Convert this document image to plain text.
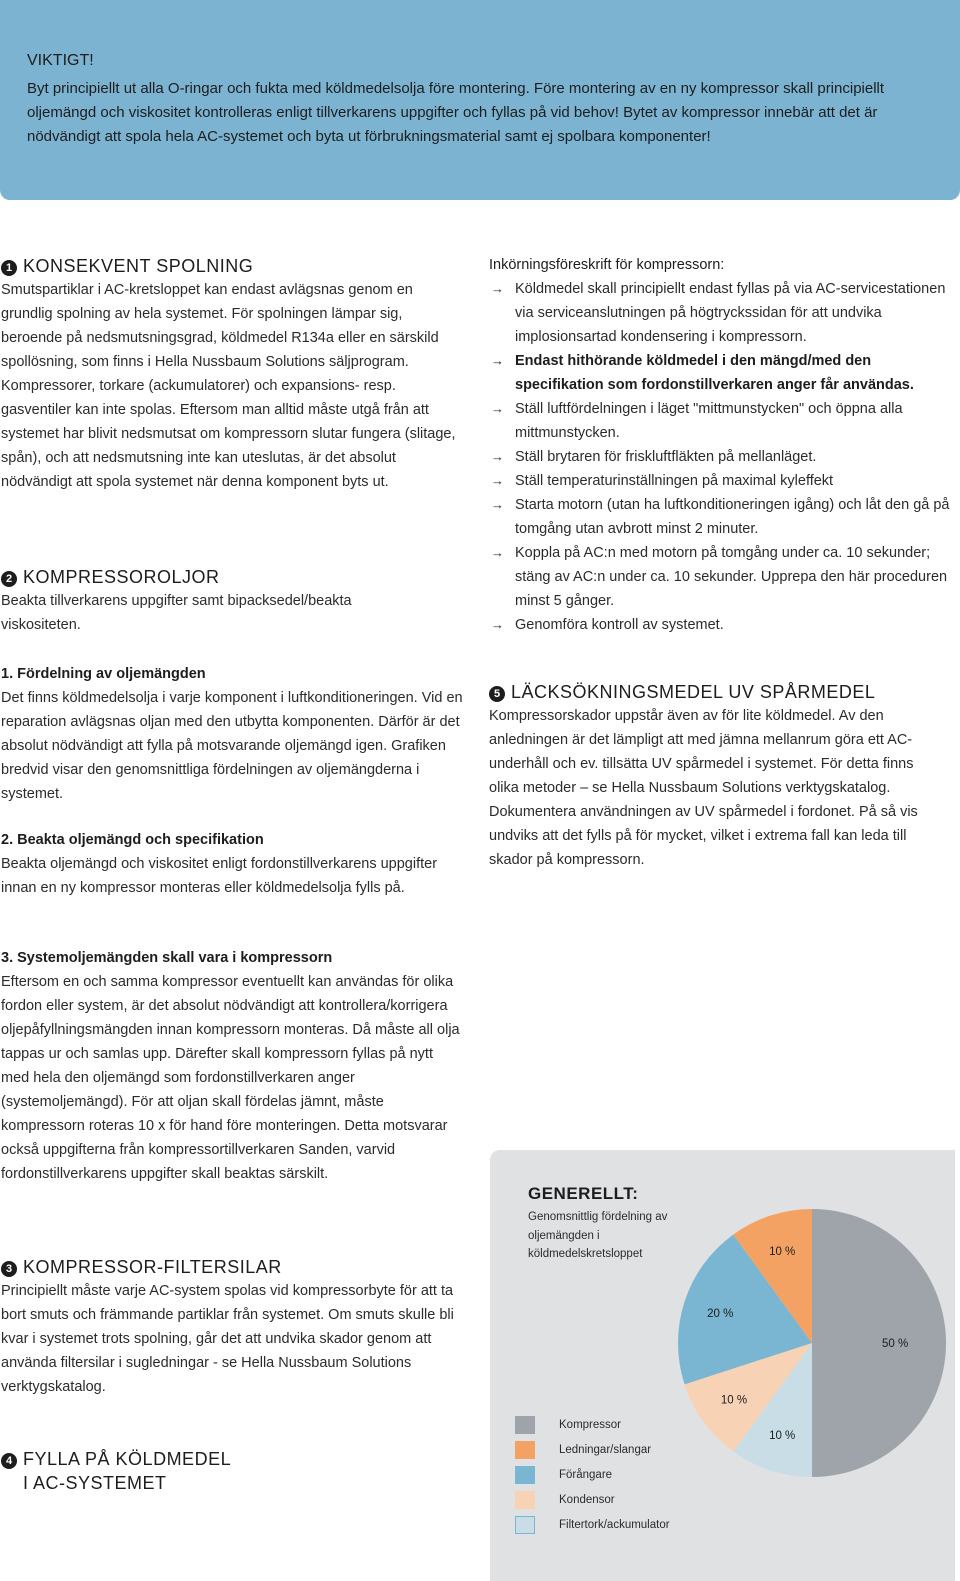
VIKTIGT!
Byt principiellt ut alla O-ringar och fukta med köldmedelsolja före montering. Före montering av en ny kompressor skall principiellt oljemängd och viskositet kontrolleras enligt tillverkarens uppgifter och fyllas på vid behov! Bytet av kompressor innebär att det är nödvändigt att spola hela AC-systemet och byta ut förbrukningsmaterial samt ej spolbara komponenter!
1 KONSEKVENT SPOLNING
Smutspartiklar i AC-kretsloppet kan endast avlägsnas genom en grundlig spolning av hela systemet. För spolningen lämpar sig, beroende på nedsmutsningsgrad, köldmedel R134a eller en särskild spollösning, som finns i Hella Nussbaum Solutions säljprogram. Kompressorer, torkare (ackumulatorer) och expansions- resp. gasventiler kan inte spolas. Eftersom man alltid måste utgå från att systemet har blivit nedsmutsat om kompressorn slutar fungera (slitage, spån), och att nedsmutsning inte kan uteslutas, är det absolut nödvändigt att spola systemet när denna komponent byts ut.
2 KOMPRESSOROLJOR
Beakta tillverkarens uppgifter samt bipacksedel/beakta viskositeten.
1. Fördelning av oljemängden
Det finns köldmedelsolja i varje komponent i luftkonditioneringen. Vid en reparation avlägsnas oljan med den utbytta komponenten. Därför är det absolut nödvändigt att fylla på motsvarande oljemängd igen. Grafiken bredvid visar den genomsnittliga fördelningen av oljemängderna i systemet.
2. Beakta oljemängd och specifikation
Beakta oljemängd och viskositet enligt fordonstillverkarens uppgifter innan en ny kompressor monteras eller köldmedelsolja fylls på.
3. Systemoljemängden skall vara i kompressorn
Eftersom en och samma kompressor eventuellt kan användas för olika fordon eller system, är det absolut nödvändigt att kontrollera/korrigera oljepåfyllningsmängden innan kompressorn monteras. Då måste all olja tappas ur och samlas upp. Därefter skall kompressorn fyllas på nytt med hela den oljemängd som fordonstillverkaren anger (systemoljemängd). För att oljan skall fördelas jämnt, måste kompressorn roteras 10 x för hand före monteringen. Detta motsvarar också uppgifterna från kompressortillverkaren Sanden, varvid fordonstillverkarens uppgifter skall beaktas särskilt.
3 KOMPRESSOR-FILTERSILAR
Principiellt måste varje AC-system spolas vid kompressorbyte för att ta bort smuts och främmande partiklar från systemet. Om smuts skulle bli kvar i systemet trots spolning, går det att undvika skador genom att använda filtersilar i sugledningar - se Hella Nussbaum Solutions verktygskatalog.
4 FYLLA PÅ KÖLDMEDEL
I AC-SYSTEMET
Inkörningsföreskrift för kompressorn:
→ Köldmedel skall principiellt endast fyllas på via AC-servicestationen via serviceanslutningen på högtryckssidan för att undvika implosionsartad kondensering i kompressorn.
→ Endast hithörande köldmedel i den mängd/med den specifikation som fordonstillverkaren anger får användas.
→ Ställ luftfördelningen i läget "mittmunstycken" och öppna alla mittmunstycken.
→ Ställ brytaren för friskluftfläkten på mellanläget.
→ Ställ temperaturinställningen på maximal kyleffekt
→ Starta motorn (utan ha luftkonditioneringen igång) och låt den gå på tomgång utan avbrott minst 2 minuter.
→ Koppla på AC:n med motorn på tomgång under ca. 10 sekunder; stäng av AC:n under ca. 10 sekunder. Upprepa den här proceduren minst 5 gånger.
→ Genomföra kontroll av systemet.
5 LÄCKSÖKNINGSMEDEL UV SPÅRMEDEL
Kompressorskador uppstår även av för lite köldmedel. Av den anledningen är det lämpligt att med jämna mellanrum göra ett AC-underhåll och ev. tillsätta UV spårmedel i systemet. För detta finns olika metoder – se Hella Nussbaum Solutions verktygskatalog. Dokumentera användningen av UV spårmedel i fordonet. På så vis undviks att det fylls på för mycket, vilket i extrema fall kan leda till skador på kompressorn.
GENERELLT:
Genomsnittlig fördelning av oljemängden i köldmedelskretsloppet
50 %
10 %
10 %
20 %
10 %
Kompressor
Ledningar/slangar
Förångare
Kondensor
Filtertork/ackumulator
